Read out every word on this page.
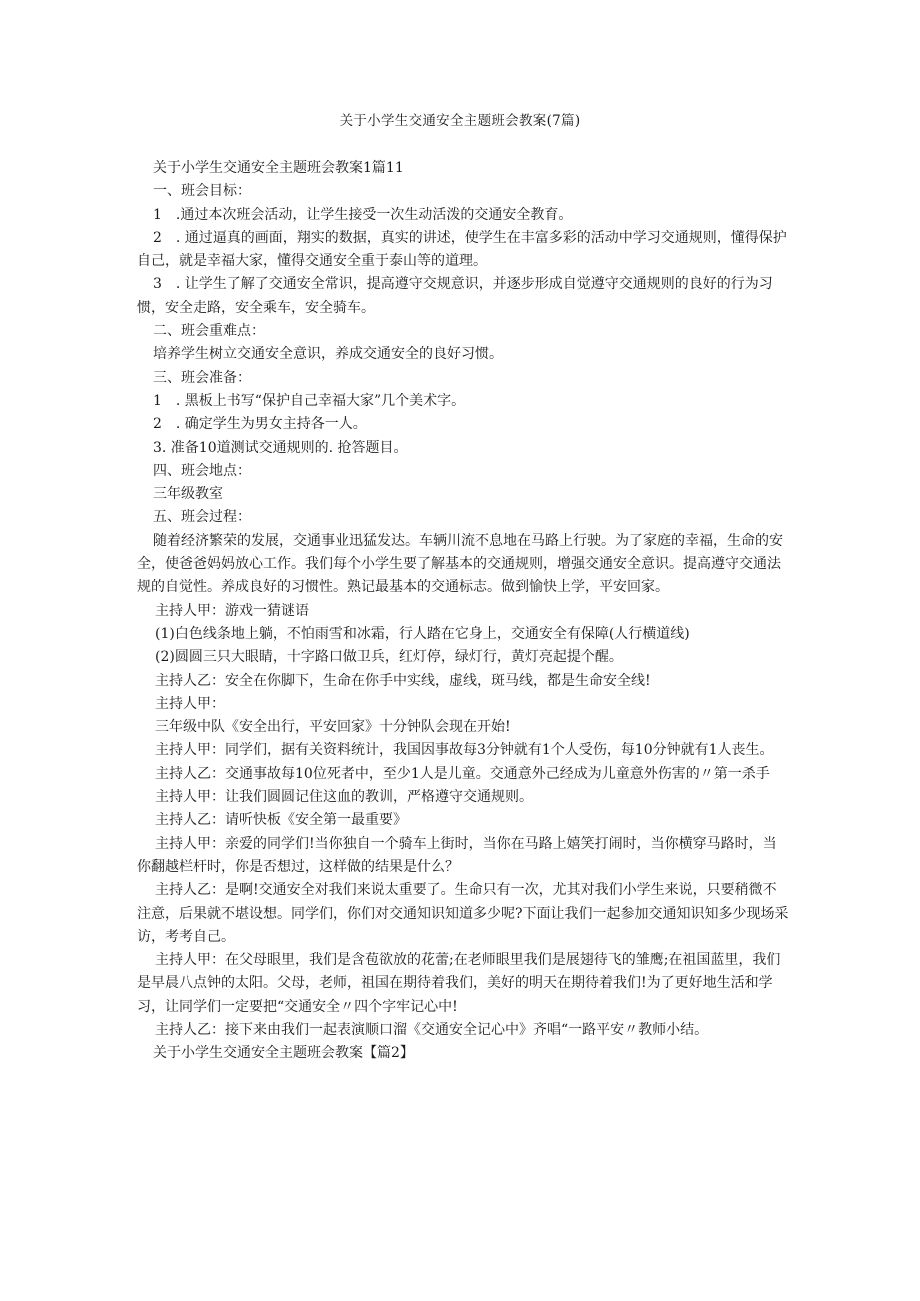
关于小学生交通安全主题班会教案(7篇)

关于小学生交通安全主题班会教案1篇11

一、班会目标：

1　.通过本次班会活动，让学生接受一次生动活泼的交通安全教育。

2　. 通过逼真的画面，翔实的数据，真实的讲述，使学生在丰富多彩的活动中学习交通规则，懂得保护自己，就是幸福大家，懂得交通安全重于泰山等的道理。

3　. 让学生了解了交通安全常识，提高遵守交规意识，并逐步形成自觉遵守交通规则的良好的行为习惯，安全走路，安全乘车，安全骑车。

二、班会重难点：

培养学生树立交通安全意识，养成交通安全的良好习惯。

三、班会准备：

1　. 黑板上书写“保护自己幸福大家”几个美术字。

2　. 确定学生为男女主持各一人。

3. 准备10道测试交通规则的. 抢答题目。

四、班会地点：

三年级教室

五、班会过程：

随着经济繁荣的发展，交通事业迅猛发达。车辆川流不息地在马路上行驶。为了家庭的幸福，生命的安全，使爸爸妈妈放心工作。我们每个小学生要了解基本的交通规则，增强交通安全意识。提高遵守交通法规的自觉性。养成良好的习惯性。熟记最基本的交通标志。做到愉快上学，平安回家。

主持人甲：游戏一猜谜语

(1)白色线条地上躺，不怕雨雪和冰霜，行人踏在它身上，交通安全有保障(人行横道线)

(2)圆圆三只大眼睛，十字路口做卫兵，红灯停，绿灯行，黄灯亮起提个醒。

主持人乙：安全在你脚下，生命在你手中实线，虚线，斑马线，都是生命安全线!

主持人甲：

三年级中队《安全出行，平安回家》十分钟队会现在开始!

主持人甲：同学们，据有关资料统计，我国因事故每3分钟就有1个人受伤，每10分钟就有1人丧生。

主持人乙：交通事故每10位死者中，至少1人是儿童。交通意外己经成为儿童意外伤害的〃第一杀手

主持人甲：让我们圆圆记住这血的教训，严格遵守交通规则。

主持人乙：请听快板《安全第一最重要》

主持人甲：亲爱的同学们!当你独自一个骑车上街时，当你在马路上嬉笑打闹时，当你横穿马路时，当你翻越栏杆时，你是否想过，这样做的结果是什么？

主持人乙：是啊!交通安全对我们来说太重要了。生命只有一次，尤其对我们小学生来说，只要稍微不注意，后果就不堪设想。同学们，你们对交通知识知道多少呢?下面让我们一起参加交通知识知多少现场采访，考考自己。

主持人甲：在父母眼里，我们是含苞欲放的花蕾;在老师眼里我们是展翅待飞的雏鹰;在祖国蓝里，我们是早晨八点钟的太阳。父母，老师，祖国在期待着我们，美好的明天在期待着我们!为了更好地生活和学习，让同学们一定要把“交通安全〃四个字牢记心中!

主持人乙：接下来由我们一起表演顺口溜《交通安全记心中》齐唱“一路平安〃教师小结。

关于小学生交通安全主题班会教案【篇2】
